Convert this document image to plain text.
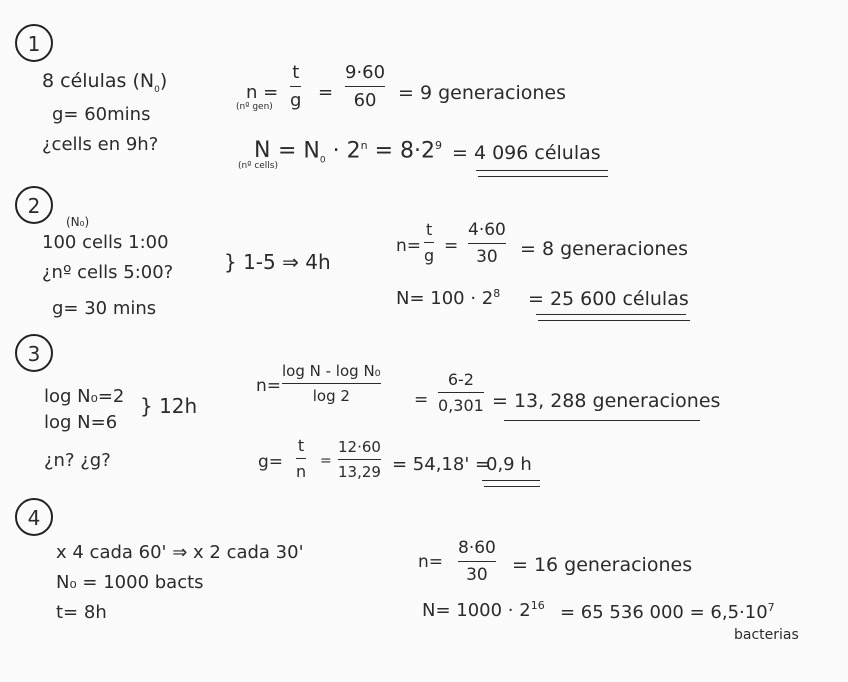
1
8 células $(N_0)$
g= 60mins
¿cells en 9h?
n =
(nº gen)
t
g =
9·60
60 = 9 generaciones
N
(nº cells)
= $N_0 \cdot 2^n = 8\cdot 2^9 = 4$ 096 células
2
(N₀)
100 cells 1:00
¿nº cells 5:00?	} 1-5 ⇒ 4h
g= 30 mins
n=
t
g =
4·60
30 = 8 generaciones
$N= 100 \cdot 2^8 = 25$ 600 células
3
log N₀=2
log N=6
} 12h
¿n? ¿g?
n=
log N - log N₀
log 2	=
6-2
0,301 = 13, 288 generaciones
g=
t
n
=
12·60
13,29 = 54,18' =
0,9 h
4
x 4 cada 60' ⇒ x 2 cada 30'
N₀ = 1000 bacts
t= 8h
n=
8·60
30 = 16 generaciones
$N= 1000 \cdot 2^{16} = 65$ 536 $000 = 6,5\cdot 10^7$
bacterias
